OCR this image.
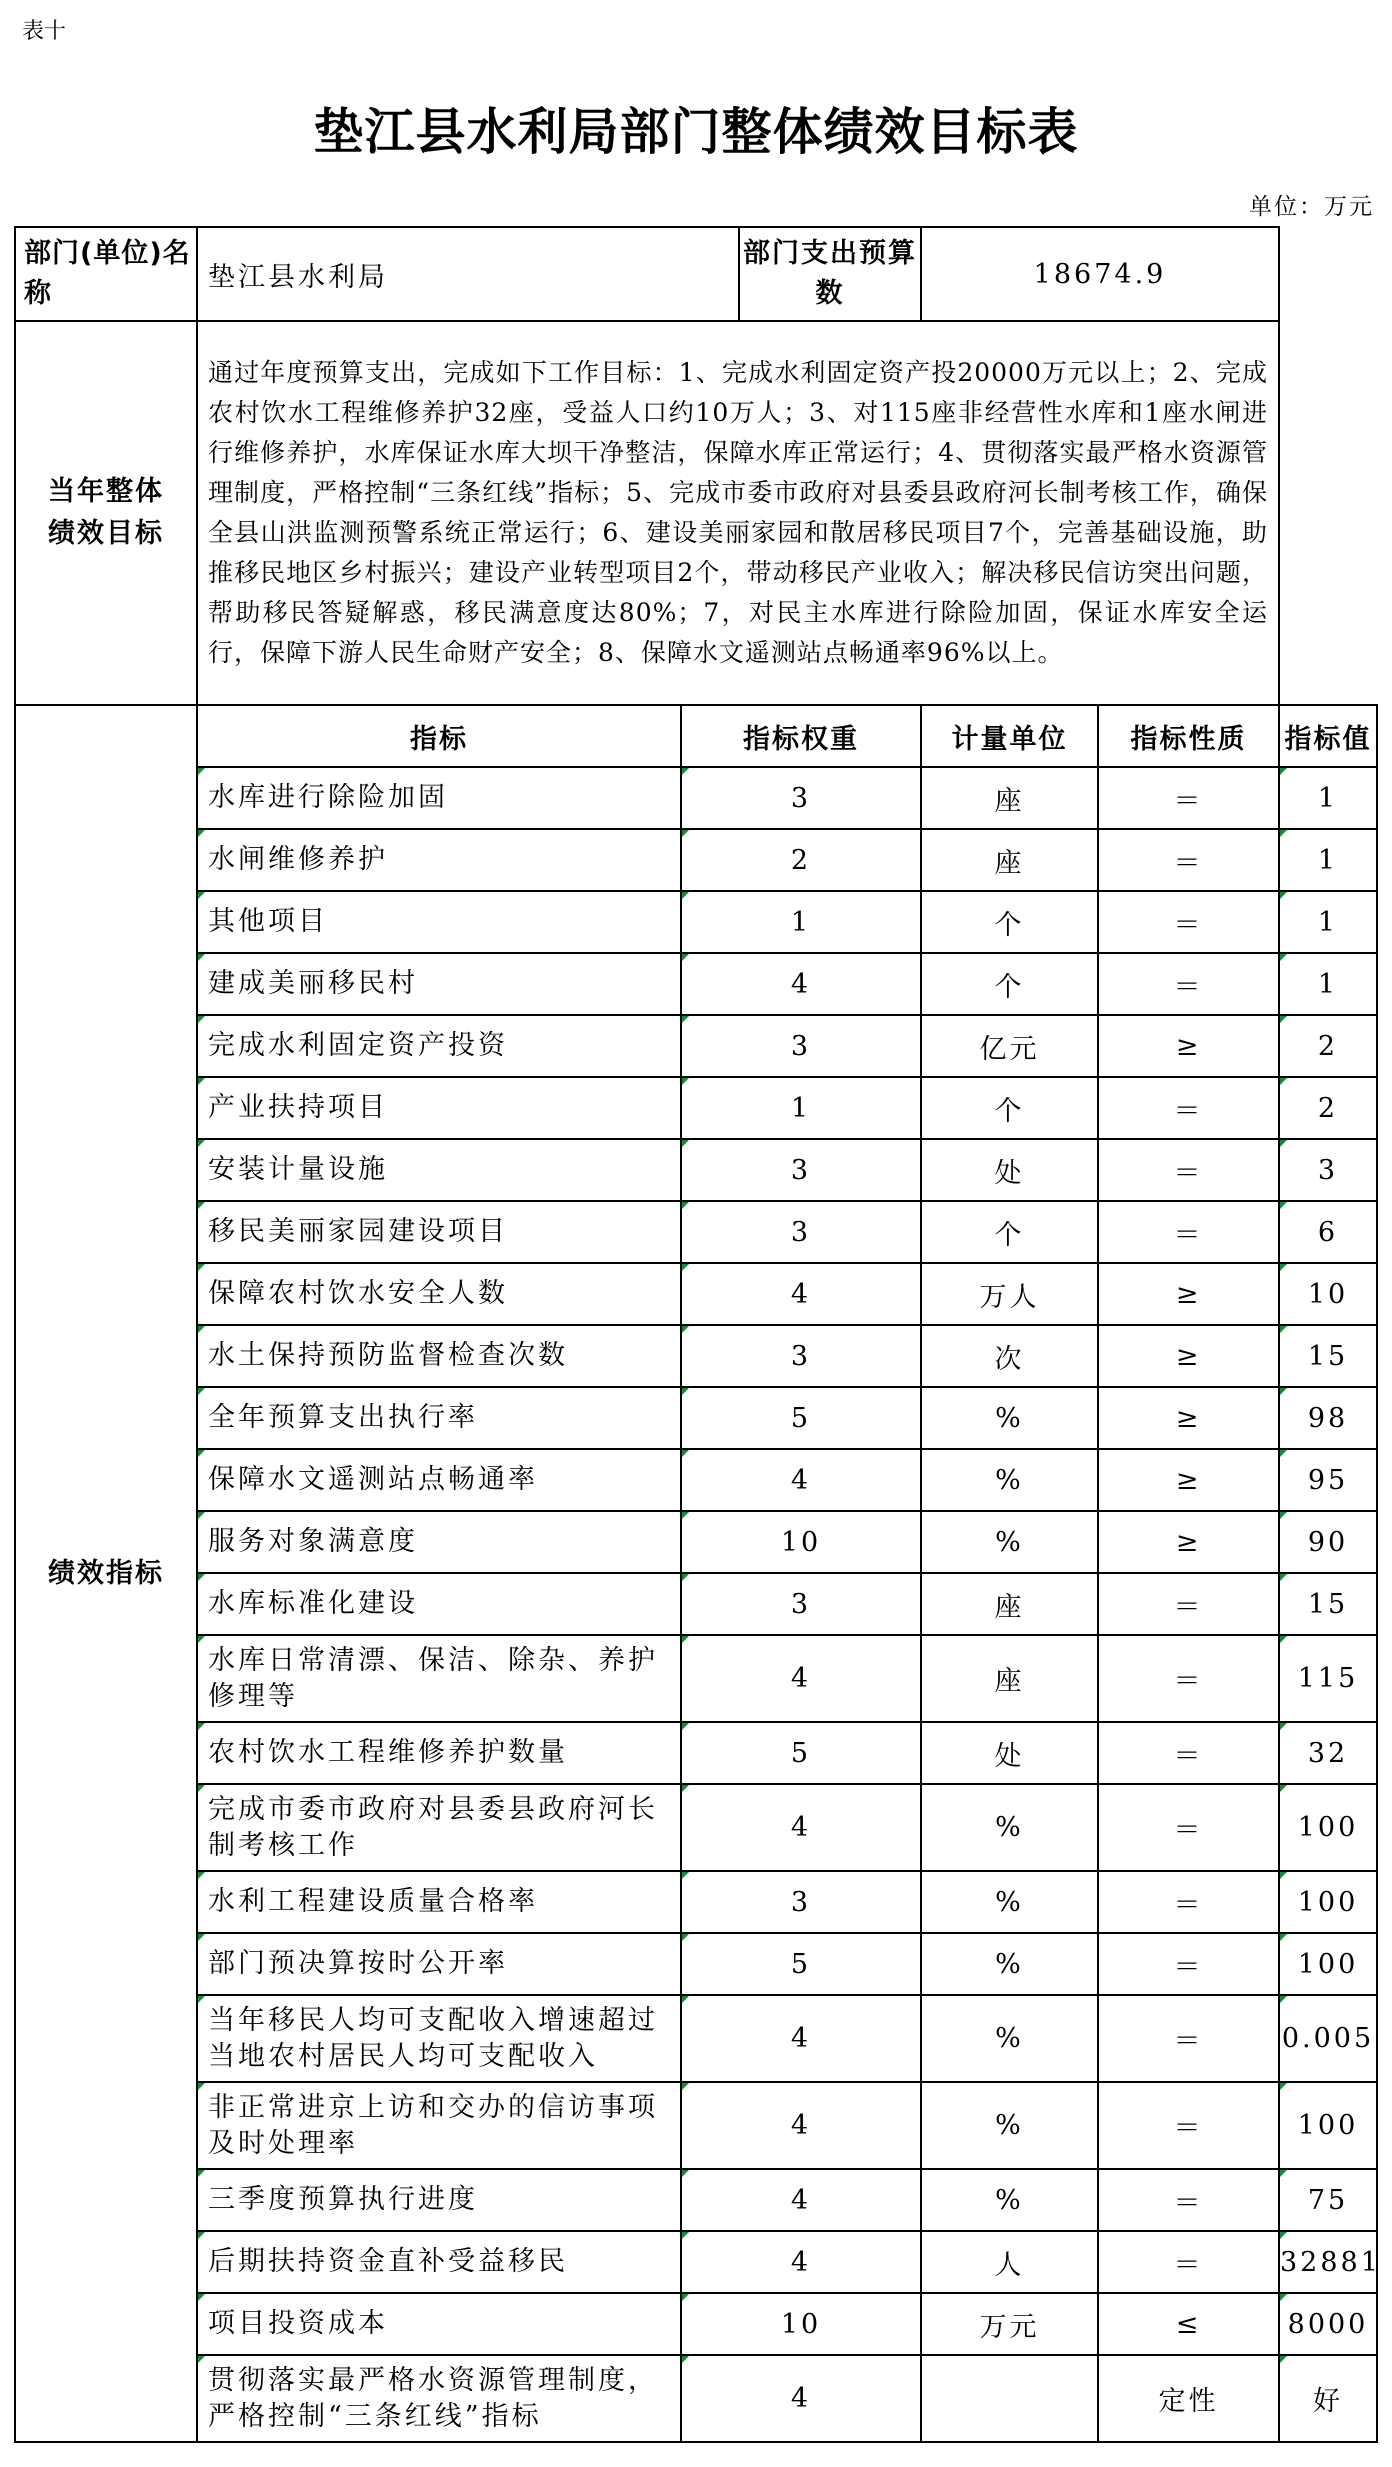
表十
垫江县水利局部门整体绩效目标表
单位：万元
部门(单位)名称	垫江县水利局		部门支出预算数	18674.9		
当年整体绩效目标	通过年度预算支出，完成如下工作目标：1、完成水利固定资产投20000万元以上；2、完成农村饮水工程维修养护32座，受益人口约10万人；3、对115座非经营性水库和1座水闸进行维修养护，水库保证水库大坝干净整洁，保障水库正常运行；4、贯彻落实最严格水资源管理制度，严格控制“三条红线”指标；5、完成市委市政府对县委县政府河长制考核工作，确保全县山洪监测预警系统正常运行；6、建设美丽家园和散居移民项目7个，完善基础设施，助推移民地区乡村振兴；建设产业转型项目2个，带动移民产业收入；解决移民信访突出问题，帮助移民答疑解惑，移民满意度达80%；7，对民主水库进行除险加固，保证水库安全运行，保障下游人民生命财产安全；8、保障水文遥测站点畅通率96%以上。					
绩效指标	指标	指标权重		计量单位	指标性质	指标值
	水库进行除险加固	3		座	＝	1
	水闸维修养护	2		座	＝	1
	其他项目	1		个	＝	1
	建成美丽移民村	4		个	＝	1
	完成水利固定资产投资	3		亿元	≥	2
	产业扶持项目	1		个	＝	2
	安装计量设施	3		处	＝	3
	移民美丽家园建设项目	3		个	＝	6
	保障农村饮水安全人数	4		万人	≥	10
	水土保持预防监督检查次数	3		次	≥	15
	全年预算支出执行率	5		%	≥	98
	保障水文遥测站点畅通率	4		%	≥	95
	服务对象满意度	10		%	≥	90
	水库标准化建设	3		座	＝	15
	水库日常清漂、保洁、除杂、养护修理等	4		座	＝	115
	农村饮水工程维修养护数量	5		处	＝	32
	完成市委市政府对县委县政府河长制考核工作	4		%	＝	100
	水利工程建设质量合格率	3		%	＝	100
	部门预决算按时公开率	5		%	＝	100
	当年移民人均可支配收入增速超过当地农村居民人均可支配收入	4		%	＝	0.005
	非正常进京上访和交办的信访事项及时处理率	4		%	＝	100
	三季度预算执行进度	4		%	＝	75
	后期扶持资金直补受益移民	4		人	＝	32881
	项目投资成本	10		万元	≤	8000
	贯彻落实最严格水资源管理制度，严格控制“三条红线”指标	4			定性	好
